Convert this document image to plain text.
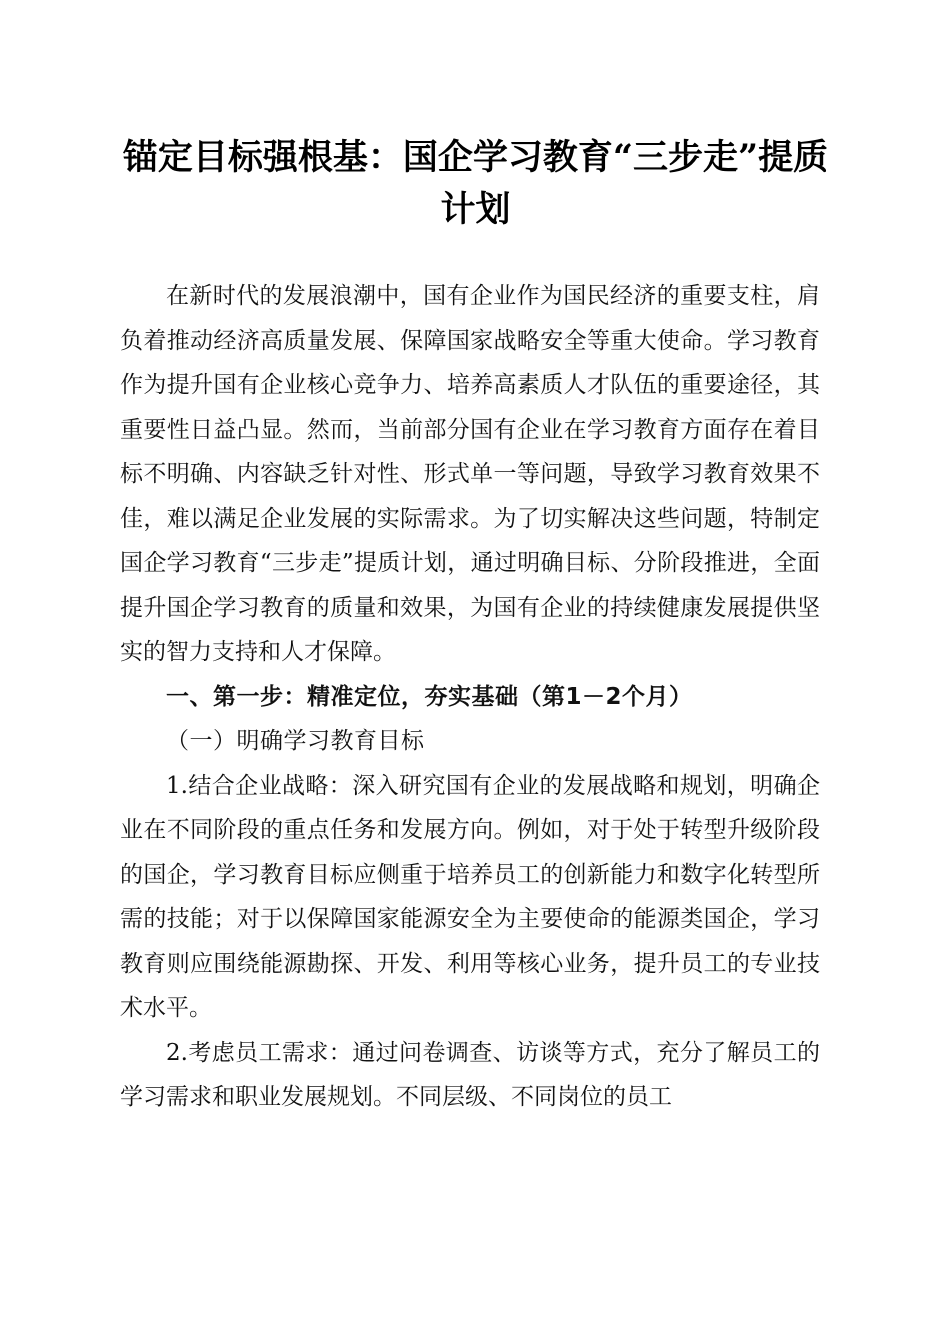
锚定目标强根基：国企学习教育“三步走”提质计划

在新时代的发展浪潮中，国有企业作为国民经济的重要支柱，肩负着推动经济高质量发展、保障国家战略安全等重大使命。学习教育作为提升国有企业核心竞争力、培养高素质人才队伍的重要途径，其重要性日益凸显。然而，当前部分国有企业在学习教育方面存在着目标不明确、内容缺乏针对性、形式单一等问题，导致学习教育效果不佳，难以满足企业发展的实际需求。为了切实解决这些问题，特制定国企学习教育“三步走”提质计划，通过明确目标、分阶段推进，全面提升国企学习教育的质量和效果，为国有企业的持续健康发展提供坚实的智力支持和人才保障。

一、第一步：精准定位，夯实基础（第1－2个月）

（一）明确学习教育目标

1.结合企业战略：深入研究国有企业的发展战略和规划，明确企业在不同阶段的重点任务和发展方向。例如，对于处于转型升级阶段的国企，学习教育目标应侧重于培养员工的创新能力和数字化转型所需的技能；对于以保障国家能源安全为主要使命的能源类国企，学习教育则应围绕能源勘探、开发、利用等核心业务，提升员工的专业技术水平。

2.考虑员工需求：通过问卷调查、访谈等方式，充分了解员工的学习需求和职业发展规划。不同层级、不同岗位的员工
